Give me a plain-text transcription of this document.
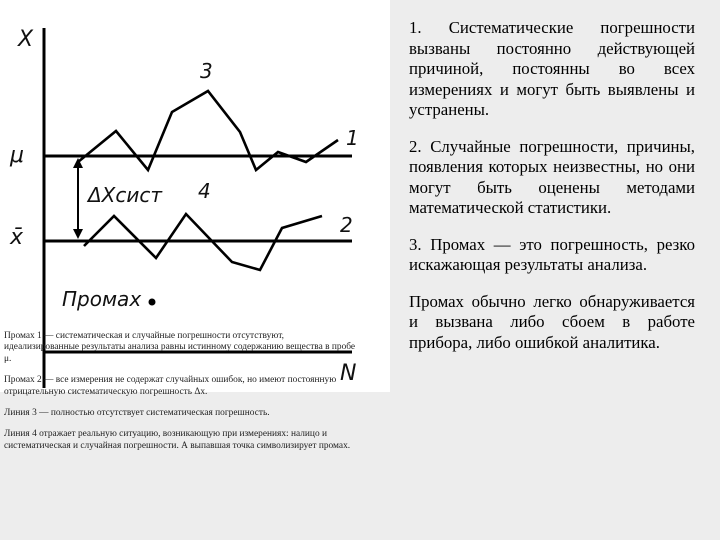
X
N
μ
1
x̄	2
ΔXсист
3
4
Промах

Промах 1 — систематическая и случайные погрешности отсутствуют, идеализированные результаты анализа равны истинному содержанию вещества в пробе μ.

Промах 2 — все измерения не содержат случайных ошибок, но имеют постоянную отрицательную систематическую погрешность Δx.

Линия 3 — полностью отсутствует систематическая погрешность.

Линия 4 отражает реальную ситуацию, возникающую при измерениях: налицо и систематическая и случайная погрешности. А выпавшая точка символизирует промах.

1. Систематические погрешности вызваны постоянно действующей причиной, постоянны во всех измерениях и могут быть выявлены и устранены.

2. Случайные погрешности, причины, появления которых неизвестны, но они могут быть оценены методами математической статистики.

3. Промах — это погрешность, резко искажающая результаты анализа.

Промах обычно легко обнаруживается и вызвана либо сбоем в работе прибора, либо ошибкой аналитика.
